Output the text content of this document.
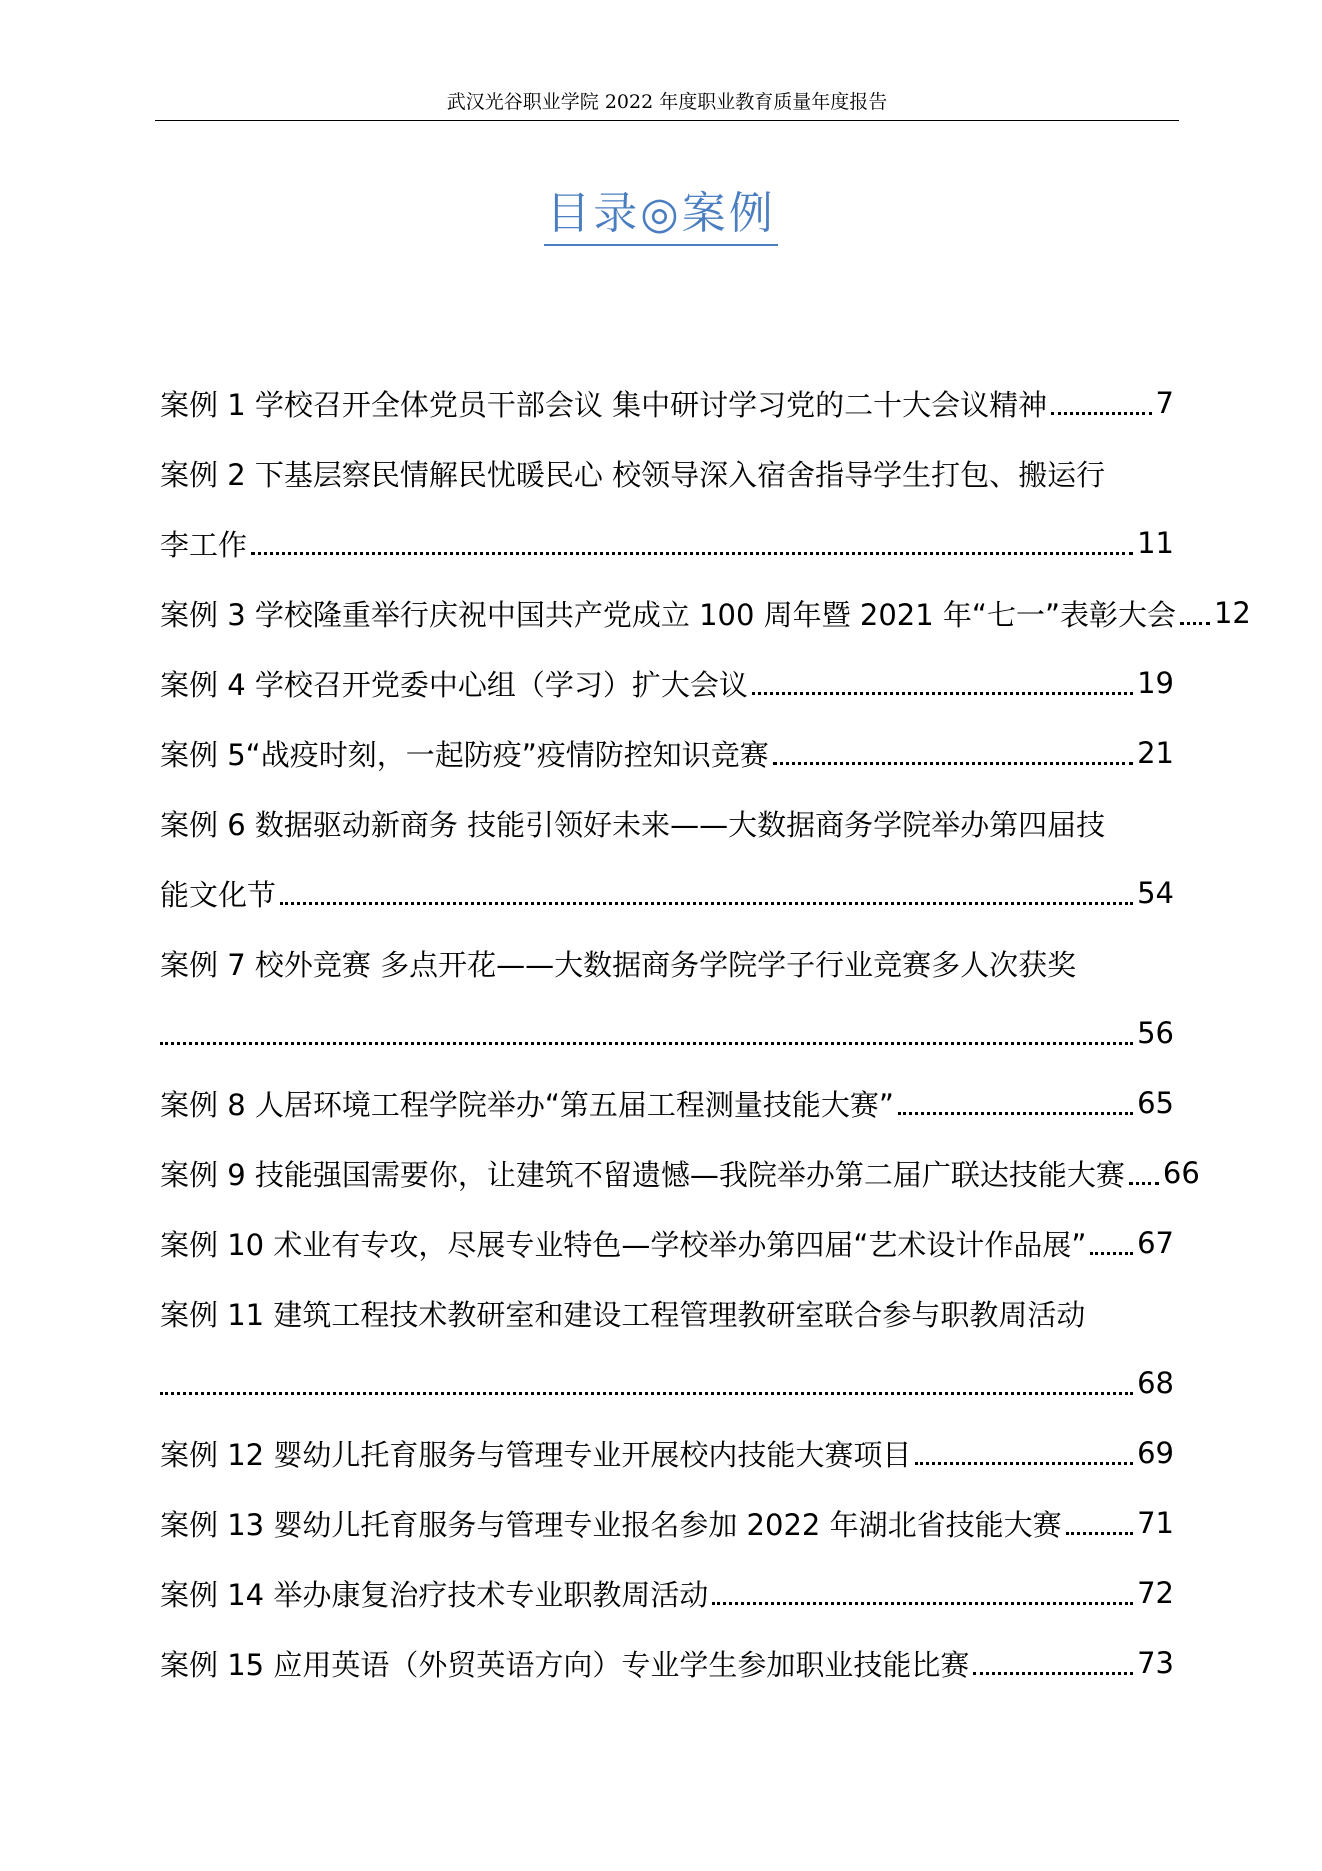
武汉光谷职业学院 2022 年度职业教育质量年度报告
目录◎案例
案例 1 学校召开全体党员干部会议 集中研讨学习党的二十大会议精神	7
案例 2 下基层察民情解民忧暖民心 校领导深入宿舍指导学生打包、搬运行
李工作	11
案例 3 学校隆重举行庆祝中国共产党成立 100 周年暨 2021 年“七一”表彰大会 12
案例 4 学校召开党委中心组（学习）扩大会议	19
案例 5“战疫时刻，一起防疫”疫情防控知识竞赛	21
案例 6 数据驱动新商务 技能引领好未来——大数据商务学院举办第四届技
能文化节	54
案例 7 校外竞赛 多点开花——大数据商务学院学子行业竞赛多人次获奖
56
案例 8 人居环境工程学院举办“第五届工程测量技能大赛”	65
案例 9 技能强国需要你，让建筑不留遗憾—我院举办第二届广联达技能大赛 66
案例 10 术业有专攻，尽展专业特色—学校举办第四届“艺术设计作品展” 67
案例 11 建筑工程技术教研室和建设工程管理教研室联合参与职教周活动
68
案例 12 婴幼儿托育服务与管理专业开展校内技能大赛项目	69
案例 13 婴幼儿托育服务与管理专业报名参加 2022 年湖北省技能大赛	71
案例 14 举办康复治疗技术专业职教周活动	72
案例 15 应用英语（外贸英语方向）专业学生参加职业技能比赛	73
